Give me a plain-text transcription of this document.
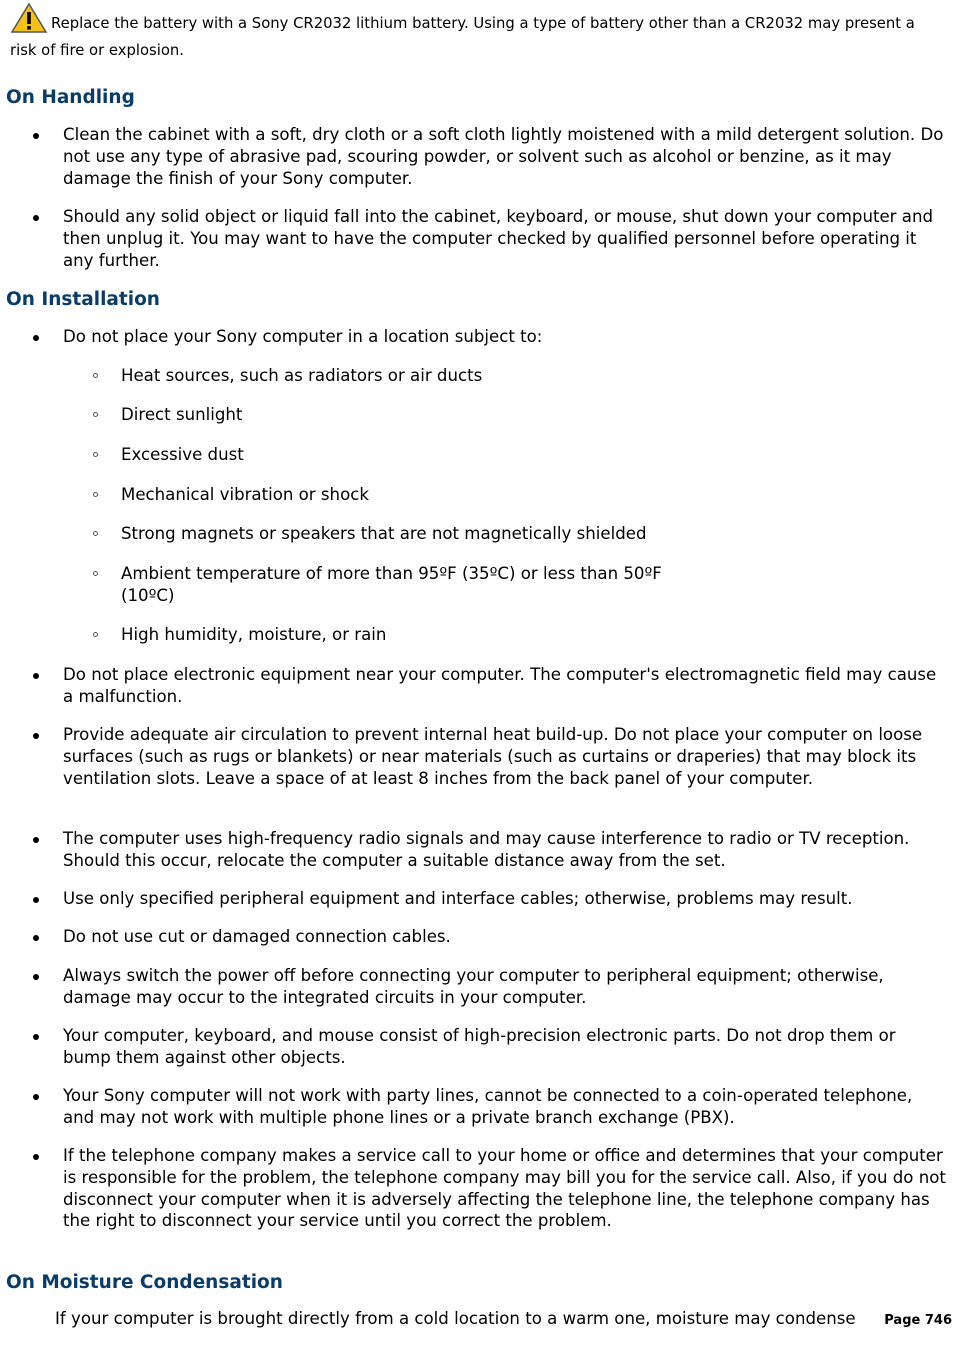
Replace the battery with a Sony CR2032 lithium battery. Using a type of battery other than a CR2032 may present a risk of fire or explosion.
On Handling
Clean the cabinet with a soft, dry cloth or a soft cloth lightly moistened with a mild detergent solution. Do not use any type of abrasive pad, scouring powder, or solvent such as alcohol or benzine, as it may damage the finish of your Sony computer.
Should any solid object or liquid fall into the cabinet, keyboard, or mouse, shut down your computer and then unplug it. You may want to have the computer checked by qualified personnel before operating it any further.
On Installation
Do not place your Sony computer in a location subject to:
Heat sources, such as radiators or air ducts
Direct sunlight
Excessive dust
Mechanical vibration or shock
Strong magnets or speakers that are not magnetically shielded
Ambient temperature of more than 95ºF (35ºC) or less than 50ºF (10ºC)
High humidity, moisture, or rain
Do not place electronic equipment near your computer. The computer's electromagnetic field may cause a malfunction.
Provide adequate air circulation to prevent internal heat build-up. Do not place your computer on loose surfaces (such as rugs or blankets) or near materials (such as curtains or draperies) that may block its ventilation slots. Leave a space of at least 8 inches from the back panel of your computer.
The computer uses high-frequency radio signals and may cause interference to radio or TV reception. Should this occur, relocate the computer a suitable distance away from the set.
Use only specified peripheral equipment and interface cables; otherwise, problems may result.
Do not use cut or damaged connection cables.
Always switch the power off before connecting your computer to peripheral equipment; otherwise, damage may occur to the integrated circuits in your computer.
Your computer, keyboard, and mouse consist of high-precision electronic parts. Do not drop them or bump them against other objects.
Your Sony computer will not work with party lines, cannot be connected to a coin-operated telephone, and may not work with multiple phone lines or a private branch exchange (PBX).
If the telephone company makes a service call to your home or office and determines that your computer is responsible for the problem, the telephone company may bill you for the service call. Also, if you do not disconnect your computer when it is adversely affecting the telephone line, the telephone company has the right to disconnect your service until you correct the problem.
On Moisture Condensation
If your computer is brought directly from a cold location to a warm one, moisture may condense Page 746
